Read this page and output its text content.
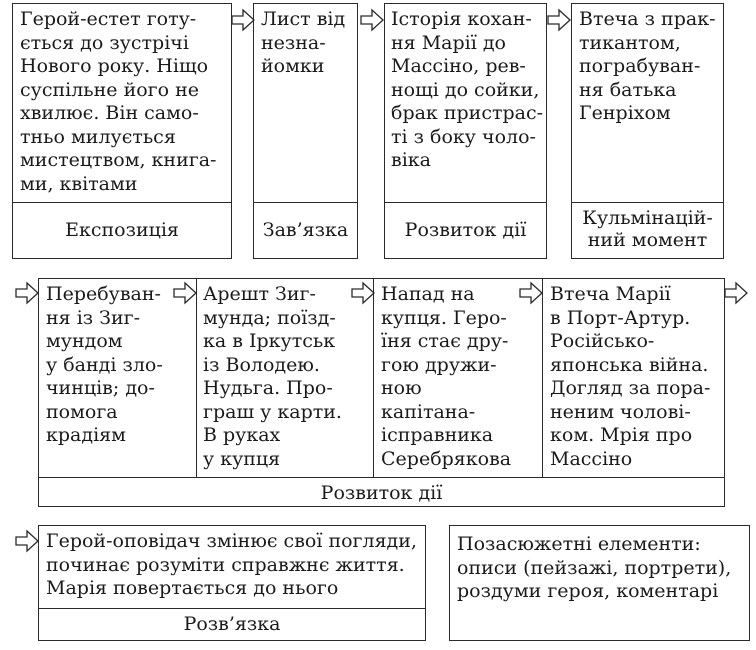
Герой-естет готу-
ється до зустрічі
Нового року. Ніщо
суспільне його не
хвилює. Він само-
тньо милується
мистецтвом, книга-
ми, квітами
Експозиція
Лист від
незна-
йомки
Зав’язка
Історія кохан-
ня Марії до
Массіно, рев-
нощі до сойки,
брак пристрас-
ті з боку чоло-
віка
Розвиток дії
Втеча з прак-
тикантом,
пограбуван-
ня батька
Генріхом
Кульмінацій-
ний момент
Перебуван-
ня із Зиг-
мундом
у банді зло-
чинців; до-
помога
крадіям
Арешт Зиг-
мунда; поїзд-
ка в Іркутськ
із Володею.
Нудьга. Про-
граш у карти.
В руках
у купця
Напад на
купця. Геро-
їня стає дру-
гою дружи-
ною
капітана-
ісправника
Серебрякова
Втеча Марії
в Порт-Артур.
Російсько-
японська війна.
Догляд за пора-
неним чолові-
ком. Мрія про
Массіно
Розвиток дії
Герой-оповідач змінює свої погляди,
починає розуміти справжнє життя.
Марія повертається до нього
Розв’язка
Позасюжетні елементи:
описи (пейзажі, портрети),
роздуми героя, коментарі
